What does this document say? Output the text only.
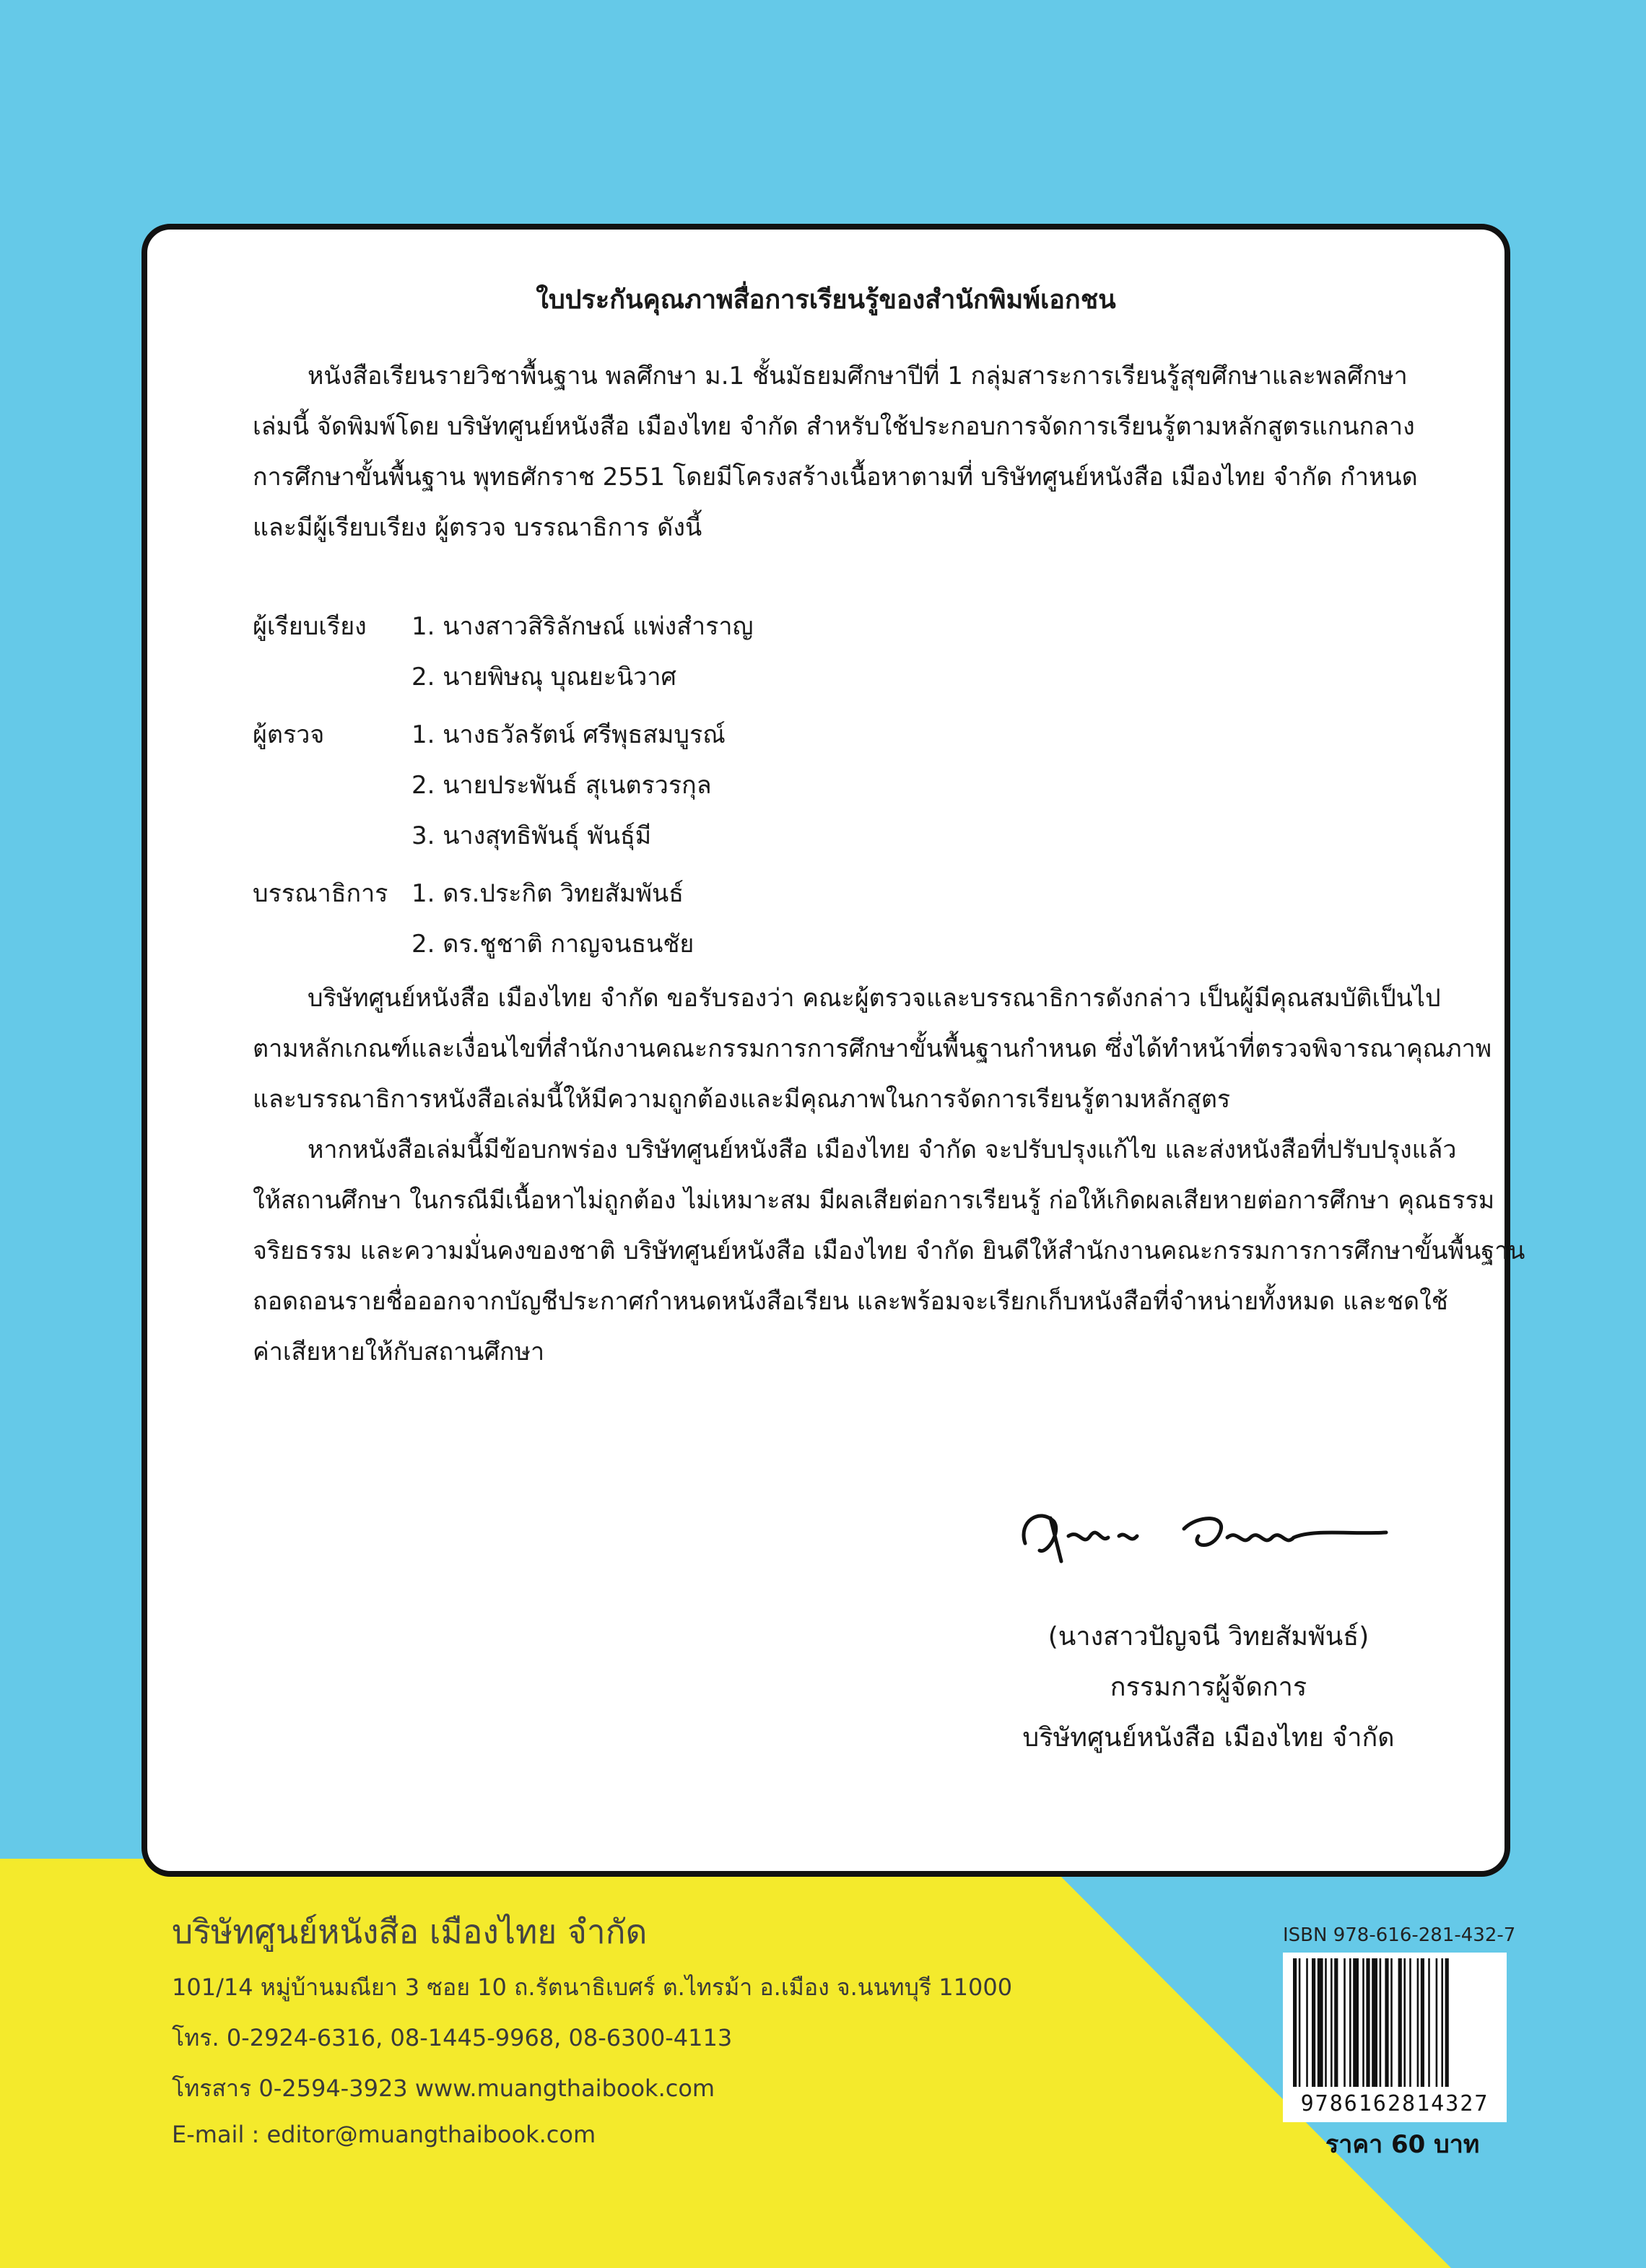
ใบประกันคุณภาพสื่อการเรียนรู้ของสำนักพิมพ์เอกชน
หนังสือเรียนรายวิชาพื้นฐาน พลศึกษา ม.1 ชั้นมัธยมศึกษาปีที่ 1 กลุ่มสาระการเรียนรู้สุขศึกษาและพลศึกษา
เล่มนี้ จัดพิมพ์โดย บริษัทศูนย์หนังสือ เมืองไทย จำกัด สำหรับใช้ประกอบการจัดการเรียนรู้ตามหลักสูตรแกนกลาง
การศึกษาขั้นพื้นฐาน พุทธศักราช 2551 โดยมีโครงสร้างเนื้อหาตามที่ บริษัทศูนย์หนังสือ เมืองไทย จำกัด กำหนด
และมีผู้เรียบเรียง ผู้ตรวจ บรรณาธิการ ดังนี้
ผู้เรียบเรียง 1. นางสาวสิริลักษณ์ แพ่งสำราญ
2. นายพิษณุ บุณยะนิวาศ
ผู้ตรวจ	1. นางธวัลรัตน์ ศรีพุธสมบูรณ์
2. นายประพันธ์ สุเนตรวรกุล
3. นางสุทธิพันธุ์ พันธุ์มี
บรรณาธิการ 1. ดร.ประกิต วิทยสัมพันธ์
2. ดร.ชูชาติ กาญจนธนชัย
บริษัทศูนย์หนังสือ เมืองไทย จำกัด ขอรับรองว่า คณะผู้ตรวจและบรรณาธิการดังกล่าว เป็นผู้มีคุณสมบัติเป็นไป
ตามหลักเกณฑ์และเงื่อนไขที่สำนักงานคณะกรรมการการศึกษาขั้นพื้นฐานกำหนด ซึ่งได้ทำหน้าที่ตรวจพิจารณาคุณภาพ
และบรรณาธิการหนังสือเล่มนี้ให้มีความถูกต้องและมีคุณภาพในการจัดการเรียนรู้ตามหลักสูตร
หากหนังสือเล่มนี้มีข้อบกพร่อง บริษัทศูนย์หนังสือ เมืองไทย จำกัด จะปรับปรุงแก้ไข และส่งหนังสือที่ปรับปรุงแล้ว
ให้สถานศึกษา ในกรณีมีเนื้อหาไม่ถูกต้อง ไม่เหมาะสม มีผลเสียต่อการเรียนรู้ ก่อให้เกิดผลเสียหายต่อการศึกษา คุณธรรม
จริยธรรม และความมั่นคงของชาติ บริษัทศูนย์หนังสือ เมืองไทย จำกัด ยินดีให้สำนักงานคณะกรรมการการศึกษาขั้นพื้นฐาน
ถอดถอนรายชื่อออกจากบัญชีประกาศกำหนดหนังสือเรียน และพร้อมจะเรียกเก็บหนังสือที่จำหน่ายทั้งหมด และชดใช้
ค่าเสียหายให้กับสถานศึกษา
(นางสาวปัญจนี วิทยสัมพันธ์)
กรรมการผู้จัดการ
บริษัทศูนย์หนังสือ เมืองไทย จำกัด
บริษัทศูนย์หนังสือ เมืองไทย จำกัด
101/14 หมู่บ้านมณียา 3 ซอย 10 ถ.รัตนาธิเบศร์ ต.ไทรม้า อ.เมือง จ.นนทบุรี 11000
โทร. 0-2924-6316, 08-1445-9968, 08-6300-4113
โทรสาร 0-2594-3923 www.muangthaibook.com
E-mail : editor@muangthaibook.com
ISBN 978-616-281-432-7
9786162814327
ราคา 60 บาท
